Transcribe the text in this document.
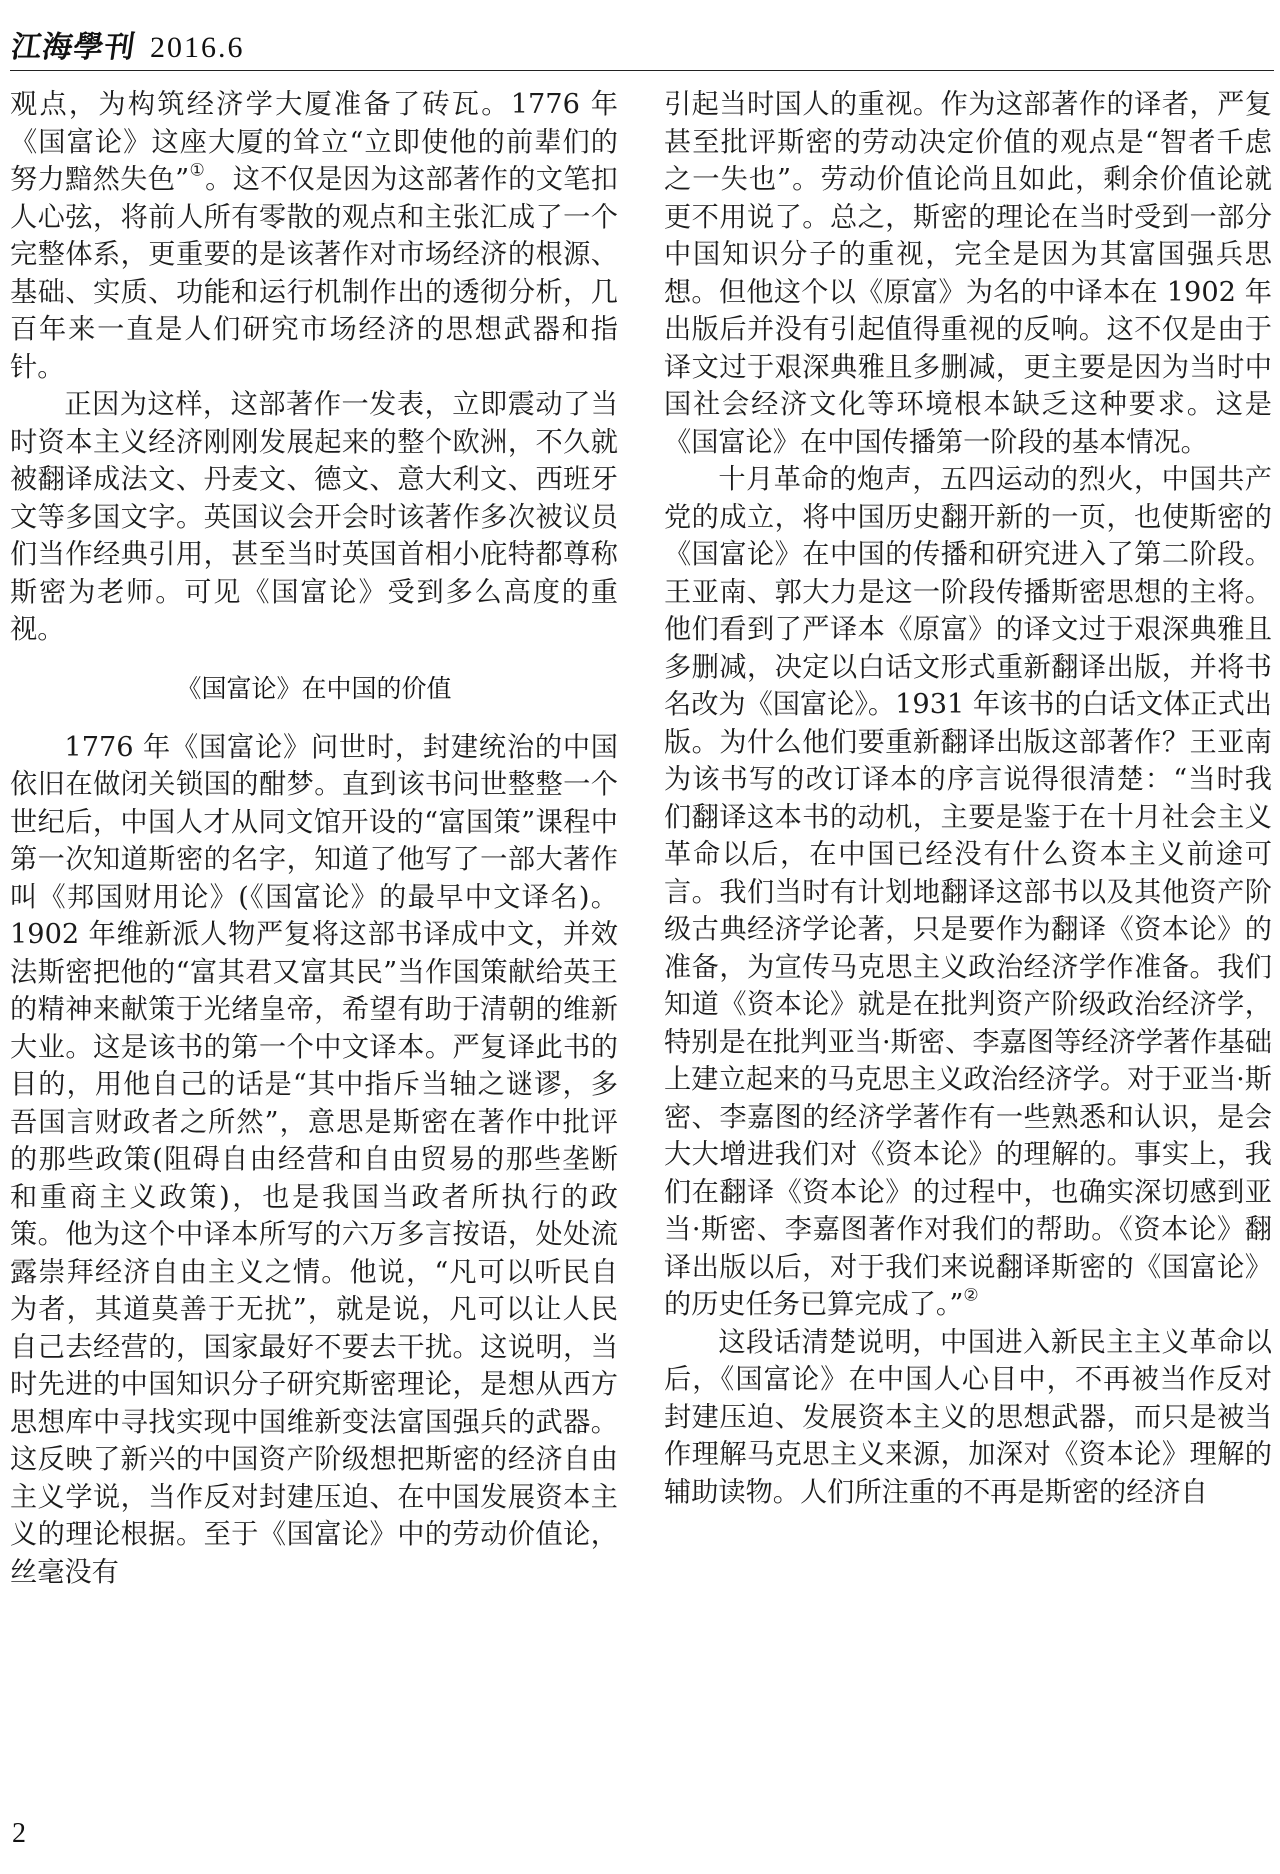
江海學刊 2016.6

观点，为构筑经济学大厦准备了砖瓦。1776 年《国富论》这座大厦的耸立“立即使他的前辈们的努力黯然失色”①。这不仅是因为这部著作的文笔扣人心弦，将前人所有零散的观点和主张汇成了一个完整体系，更重要的是该著作对市场经济的根源、基础、实质、功能和运行机制作出的透彻分析，几百年来一直是人们研究市场经济的思想武器和指针。

正因为这样，这部著作一发表，立即震动了当时资本主义经济刚刚发展起来的整个欧洲，不久就被翻译成法文、丹麦文、德文、意大利文、西班牙文等多国文字。英国议会开会时该著作多次被议员们当作经典引用，甚至当时英国首相小庇特都尊称斯密为老师。可见《国富论》受到多么高度的重视。

《国富论》在中国的价值

1776 年《国富论》问世时，封建统治的中国依旧在做闭关锁国的酣梦。直到该书问世整整一个世纪后，中国人才从同文馆开设的“富国策”课程中第一次知道斯密的名字，知道了他写了一部大著作叫《邦国财用论》(《国富论》的最早中文译名)。1902 年维新派人物严复将这部书译成中文，并效法斯密把他的“富其君又富其民”当作国策献给英王的精神来献策于光绪皇帝，希望有助于清朝的维新大业。这是该书的第一个中文译本。严复译此书的目的，用他自己的话是“其中指斥当轴之谜谬，多吾国言财政者之所然”，意思是斯密在著作中批评的那些政策(阻碍自由经营和自由贸易的那些垄断和重商主义政策)，也是我国当政者所执行的政策。他为这个中译本所写的六万多言按语，处处流露崇拜经济自由主义之情。他说，“凡可以听民自为者，其道莫善于无扰”，就是说，凡可以让人民自己去经营的，国家最好不要去干扰。这说明，当时先进的中国知识分子研究斯密理论，是想从西方思想库中寻找实现中国维新变法富国强兵的武器。这反映了新兴的中国资产阶级想把斯密的经济自由主义学说，当作反对封建压迫、在中国发展资本主义的理论根据。至于《国富论》中的劳动价值论，丝毫没有

引起当时国人的重视。作为这部著作的译者，严复甚至批评斯密的劳动决定价值的观点是“智者千虑之一失也”。劳动价值论尚且如此，剩余价值论就更不用说了。总之，斯密的理论在当时受到一部分中国知识分子的重视，完全是因为其富国强兵思想。但他这个以《原富》为名的中译本在 1902 年出版后并没有引起值得重视的反响。这不仅是由于译文过于艰深典雅且多删减，更主要是因为当时中国社会经济文化等环境根本缺乏这种要求。这是《国富论》在中国传播第一阶段的基本情况。

十月革命的炮声，五四运动的烈火，中国共产党的成立，将中国历史翻开新的一页，也使斯密的《国富论》在中国的传播和研究进入了第二阶段。王亚南、郭大力是这一阶段传播斯密思想的主将。他们看到了严译本《原富》的译文过于艰深典雅且多删减，决定以白话文形式重新翻译出版，并将书名改为《国富论》。1931 年该书的白话文体正式出版。为什么他们要重新翻译出版这部著作？王亚南为该书写的改订译本的序言说得很清楚：“当时我们翻译这本书的动机，主要是鉴于在十月社会主义革命以后，在中国已经没有什么资本主义前途可言。我们当时有计划地翻译这部书以及其他资产阶级古典经济学论著，只是要作为翻译《资本论》的准备，为宣传马克思主义政治经济学作准备。我们知道《资本论》就是在批判资产阶级政治经济学，特别是在批判亚当·斯密、李嘉图等经济学著作基础上建立起来的马克思主义政治经济学。对于亚当·斯密、李嘉图的经济学著作有一些熟悉和认识，是会大大增进我们对《资本论》的理解的。事实上，我们在翻译《资本论》的过程中，也确实深切感到亚当·斯密、李嘉图著作对我们的帮助。《资本论》翻译出版以后，对于我们来说翻译斯密的《国富论》的历史任务已算完成了。”②

这段话清楚说明，中国进入新民主主义革命以后，《国富论》在中国人心目中，不再被当作反对封建压迫、发展资本主义的思想武器，而只是被当作理解马克思主义来源，加深对《资本论》理解的辅助读物。人们所注重的不再是斯密的经济自

2
